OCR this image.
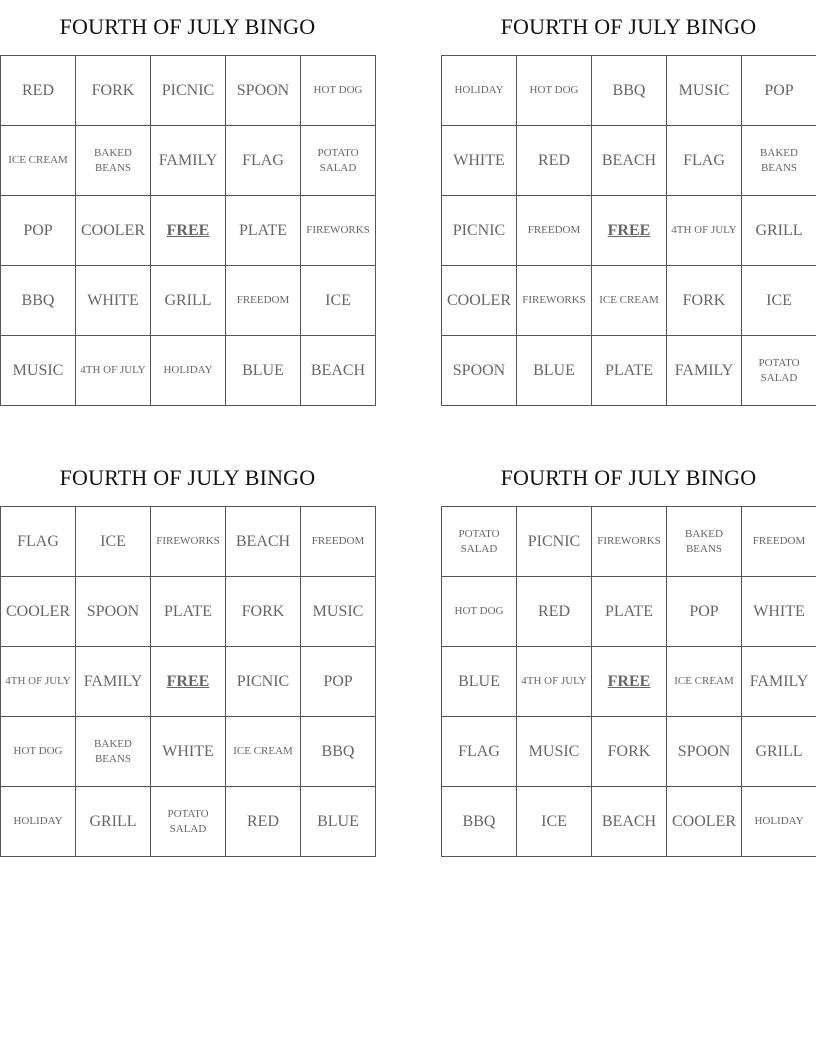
FOURTH OF JULY BINGO
RED	FORK	PICNIC	SPOON	HOT DOG
ICE CREAM	BAKED BEANS	FAMILY	FLAG	POTATO SALAD
POP	COOLER	FREE	PLATE	FIREWORKS
BBQ	WHITE	GRILL	FREEDOM	ICE
MUSIC	4TH OF JULY	HOLIDAY	BLUE	BEACH
FOURTH OF JULY BINGO
HOLIDAY	HOT DOG	BBQ	MUSIC	POP
WHITE	RED	BEACH	FLAG	BAKED BEANS
PICNIC	FREEDOM	FREE	4TH OF JULY	GRILL
COOLER	FIREWORKS	ICE CREAM	FORK	ICE
SPOON	BLUE	PLATE	FAMILY	POTATO SALAD
FOURTH OF JULY BINGO
FLAG	ICE	FIREWORKS	BEACH	FREEDOM
COOLER	SPOON	PLATE	FORK	MUSIC
4TH OF JULY	FAMILY	FREE	PICNIC	POP
HOT DOG	BAKED BEANS	WHITE	ICE CREAM	BBQ
HOLIDAY	GRILL	POTATO SALAD	RED	BLUE
FOURTH OF JULY BINGO
POTATO SALAD	PICNIC	FIREWORKS	BAKED BEANS	FREEDOM
HOT DOG	RED	PLATE	POP	WHITE
BLUE	4TH OF JULY	FREE	ICE CREAM	FAMILY
FLAG	MUSIC	FORK	SPOON	GRILL
BBQ	ICE	BEACH	COOLER	HOLIDAY
